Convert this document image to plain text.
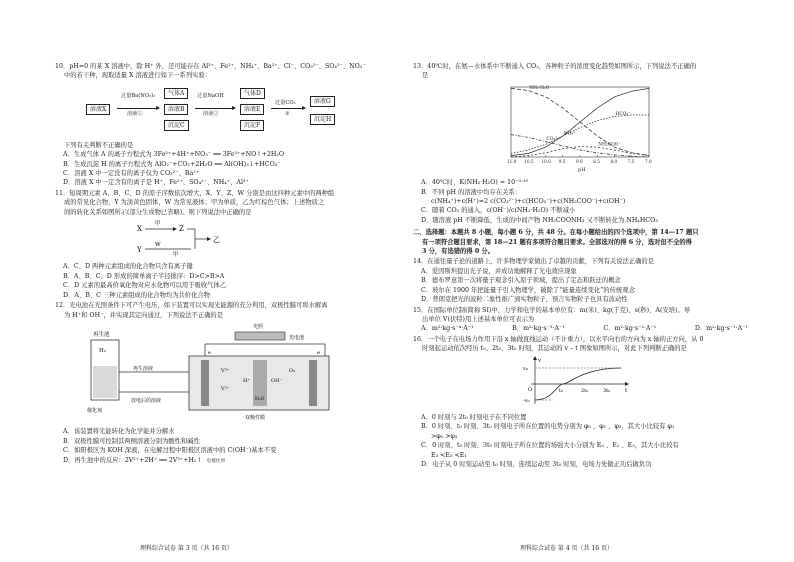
10．pH=0 的某 X 溶液中，除 H⁺ 外，还可能存在 Al³⁺、Fe²⁺、NH₄⁺、Ba²⁺、Cl⁻、CO₃²⁻、SO₄²⁻、NO₃⁻
中的若干种，现取适量 X 溶液进行如下一系列实验：
溶液X
过量Ba(NO₃)₂
溶液①
气体A
溶液B
沉淀C
过量NaOH
溶液②
气体D
溶液E
沉淀F
过量CO₂
③
溶液G
沉淀H
下列有关判断不正确的是
A．生成气体 A 的离子方程式为 3Fe²⁺+4H⁺+NO₃⁻ ══ 3Fe³⁺+NO↑+2H₂O
B．生成沉淀 H 的离子方程式为 AlO₂⁻+CO₂+2H₂O ══ Al(OH)₃↓+HCO₃⁻
C．溶液 X 中一定没有的离子仅为 CO₃²⁻、Ba²⁺
D．溶液 X 中一定含有的离子是 H⁺、Fe²⁺、SO₄²⁻、NH₄⁺、Al³⁺
11．短周期元素 A、B、C、D 的原子序数依次增大，X、Y、Z、W 分别是由这四种元素中的两种组
成的常见化合物，Y 为淡黄色固体，W 为常见液体；甲为单质，乙为红棕色气体；上述物质之
间的转化关系如图所示(部分生成物已省略)。则下列说法中正确的是
X
甲
Z
乙
Y
W
甲
A．C、D 两种元素组成的化合物只含有离子键
B．A、B、C、D 形成的简单离子半径排序：D>C>B>A
C．D 元素的最高价氧化物对应水化物可以用于吸收气体乙
D．A、B、C 三种元素组成的化合物均为共价化合物
12．光电池在光照条件下可产生电压，如下装置可以实现光能源的充分利用，双极性膜可将水解离
为 H⁺和 OH⁻，并实现其定向通过，下列说法不正确的是
再生池
H₂
催化剂
再生溶液
放电后的溶液
光照
光电池
e	e
V³⁺
V²⁺
H⁺	OH⁻
H₂O
O₂
双极性膜
A．该装置将光能转化为化学能并分解水
B．双极性膜可控制其两侧溶液分别为酸性和碱性
C．如阳极区为 KOH 深液，在电解过程中阳极区溶液中的 C(OH⁻)基本不变
D．再生池中的反应：2V²⁺+2H⁺ ══ 2V³⁺+H₂↑ 电催化剂
理科综合试卷 第 3 页（共 16 页）
13．40℃时，在氨—水体系中不断通入 CO₂，各种粒子的浓度变化趋势如图所示，下列说法不正确的
是
NH₃·H₂O
NH₄⁺
HCO₃⁻
CO₃²⁻
NH₂COO⁻
11.0 10.5 10.0 9.5	9.0	8.5	8.0	7.5	7.0
pH
A．40℃时，K(NH₃·H₂O) = 10⁻⁹·¹⁰
B．不同 pH 的溶液中均存在关系：
c(NH₄⁺)+c(H⁺)=2 c(CO₃²⁻)+c(HCO₃⁻)+c(NH₂COO⁻)+c(OH⁻)
C．随着 CO₂ 的通入，c(OH⁻)/c(NH₃·H₂O) 不断减小
D．随溶液 pH 不断降低，生成的中间产物 NH₂COONH₄ 又不断转化为 NH₄HCO₃
二、选择题：本题共 8 小题，每小题 6 分，共 48 分。在每小题给出的四个选项中，第 14—17 题只
有一项符合题目要求，第 18—21 题有多项符合题目要求。全部选对的得 6 分，选对但不全的得
3 分，有选错的得 0 分。
14．在通往量子论的道路上，许多物理学家做出了卓越的贡献，下列有关说法正确的是
A．爱因斯坦提出光子说，并成功地解释了光电效应现象
B．德布罗意第一次将量子观念引入原子领域，提出了定态和跃迁的概念
C．玻尔在 1900 年把能量子引入物理学，破除了“能量连续变化”的传统观念
D．普朗克把光的波粒二象性推广到实物粒子，预言实物粒子也具有波动性
15．在国际单位制(简称 SI)中，力学和电学的基本单位有：m(米)、kg(千克)、s(秒)、A(安培)。导
出单位 V(伏特)用上述基本单位可表示为
A．m²·kg·s⁻⁴·A⁻¹	B．m²·kg·s⁻³·A⁻¹	C．m²·kg·s⁻²·A⁻¹	D．m²·kg·s⁻¹·A⁻¹
16．一个电子在电场力作用下沿 x 轴做直线运动（不计重力），以水平向右的方向为 x 轴的正方向，从 0
时刻起运动依次经历 t₀、2t₀、3t₀ 时刻，其运动的 v – t 图象如图所示，对此下列判断正确的是
v
t
v₀
-v₀
O	t₀	2t₀	3t₀
A．0 时刻与 2t₀ 时刻电子在不同位置
B．0 时刻、t₀ 时刻、3t₀ 时刻电子所在位置的电势分别为 φ₀ 、φ₁ 、φ₃，其大小比较有 φ₁
>φ₀ >φ₃
C．0 时刻、t₀ 时刻、3t₀ 时刻电子所在位置的场强大小分别为 E₀ 、E₁ 、E₃，其大小比较有
E₃ <E₀ <E₁
D．电子从 0 时刻运动至 t₀ 时刻，连续运动至 3t₀ 时刻，电场力先做正功后做负功
理科综合试卷 第 4 页（共 16 页）
